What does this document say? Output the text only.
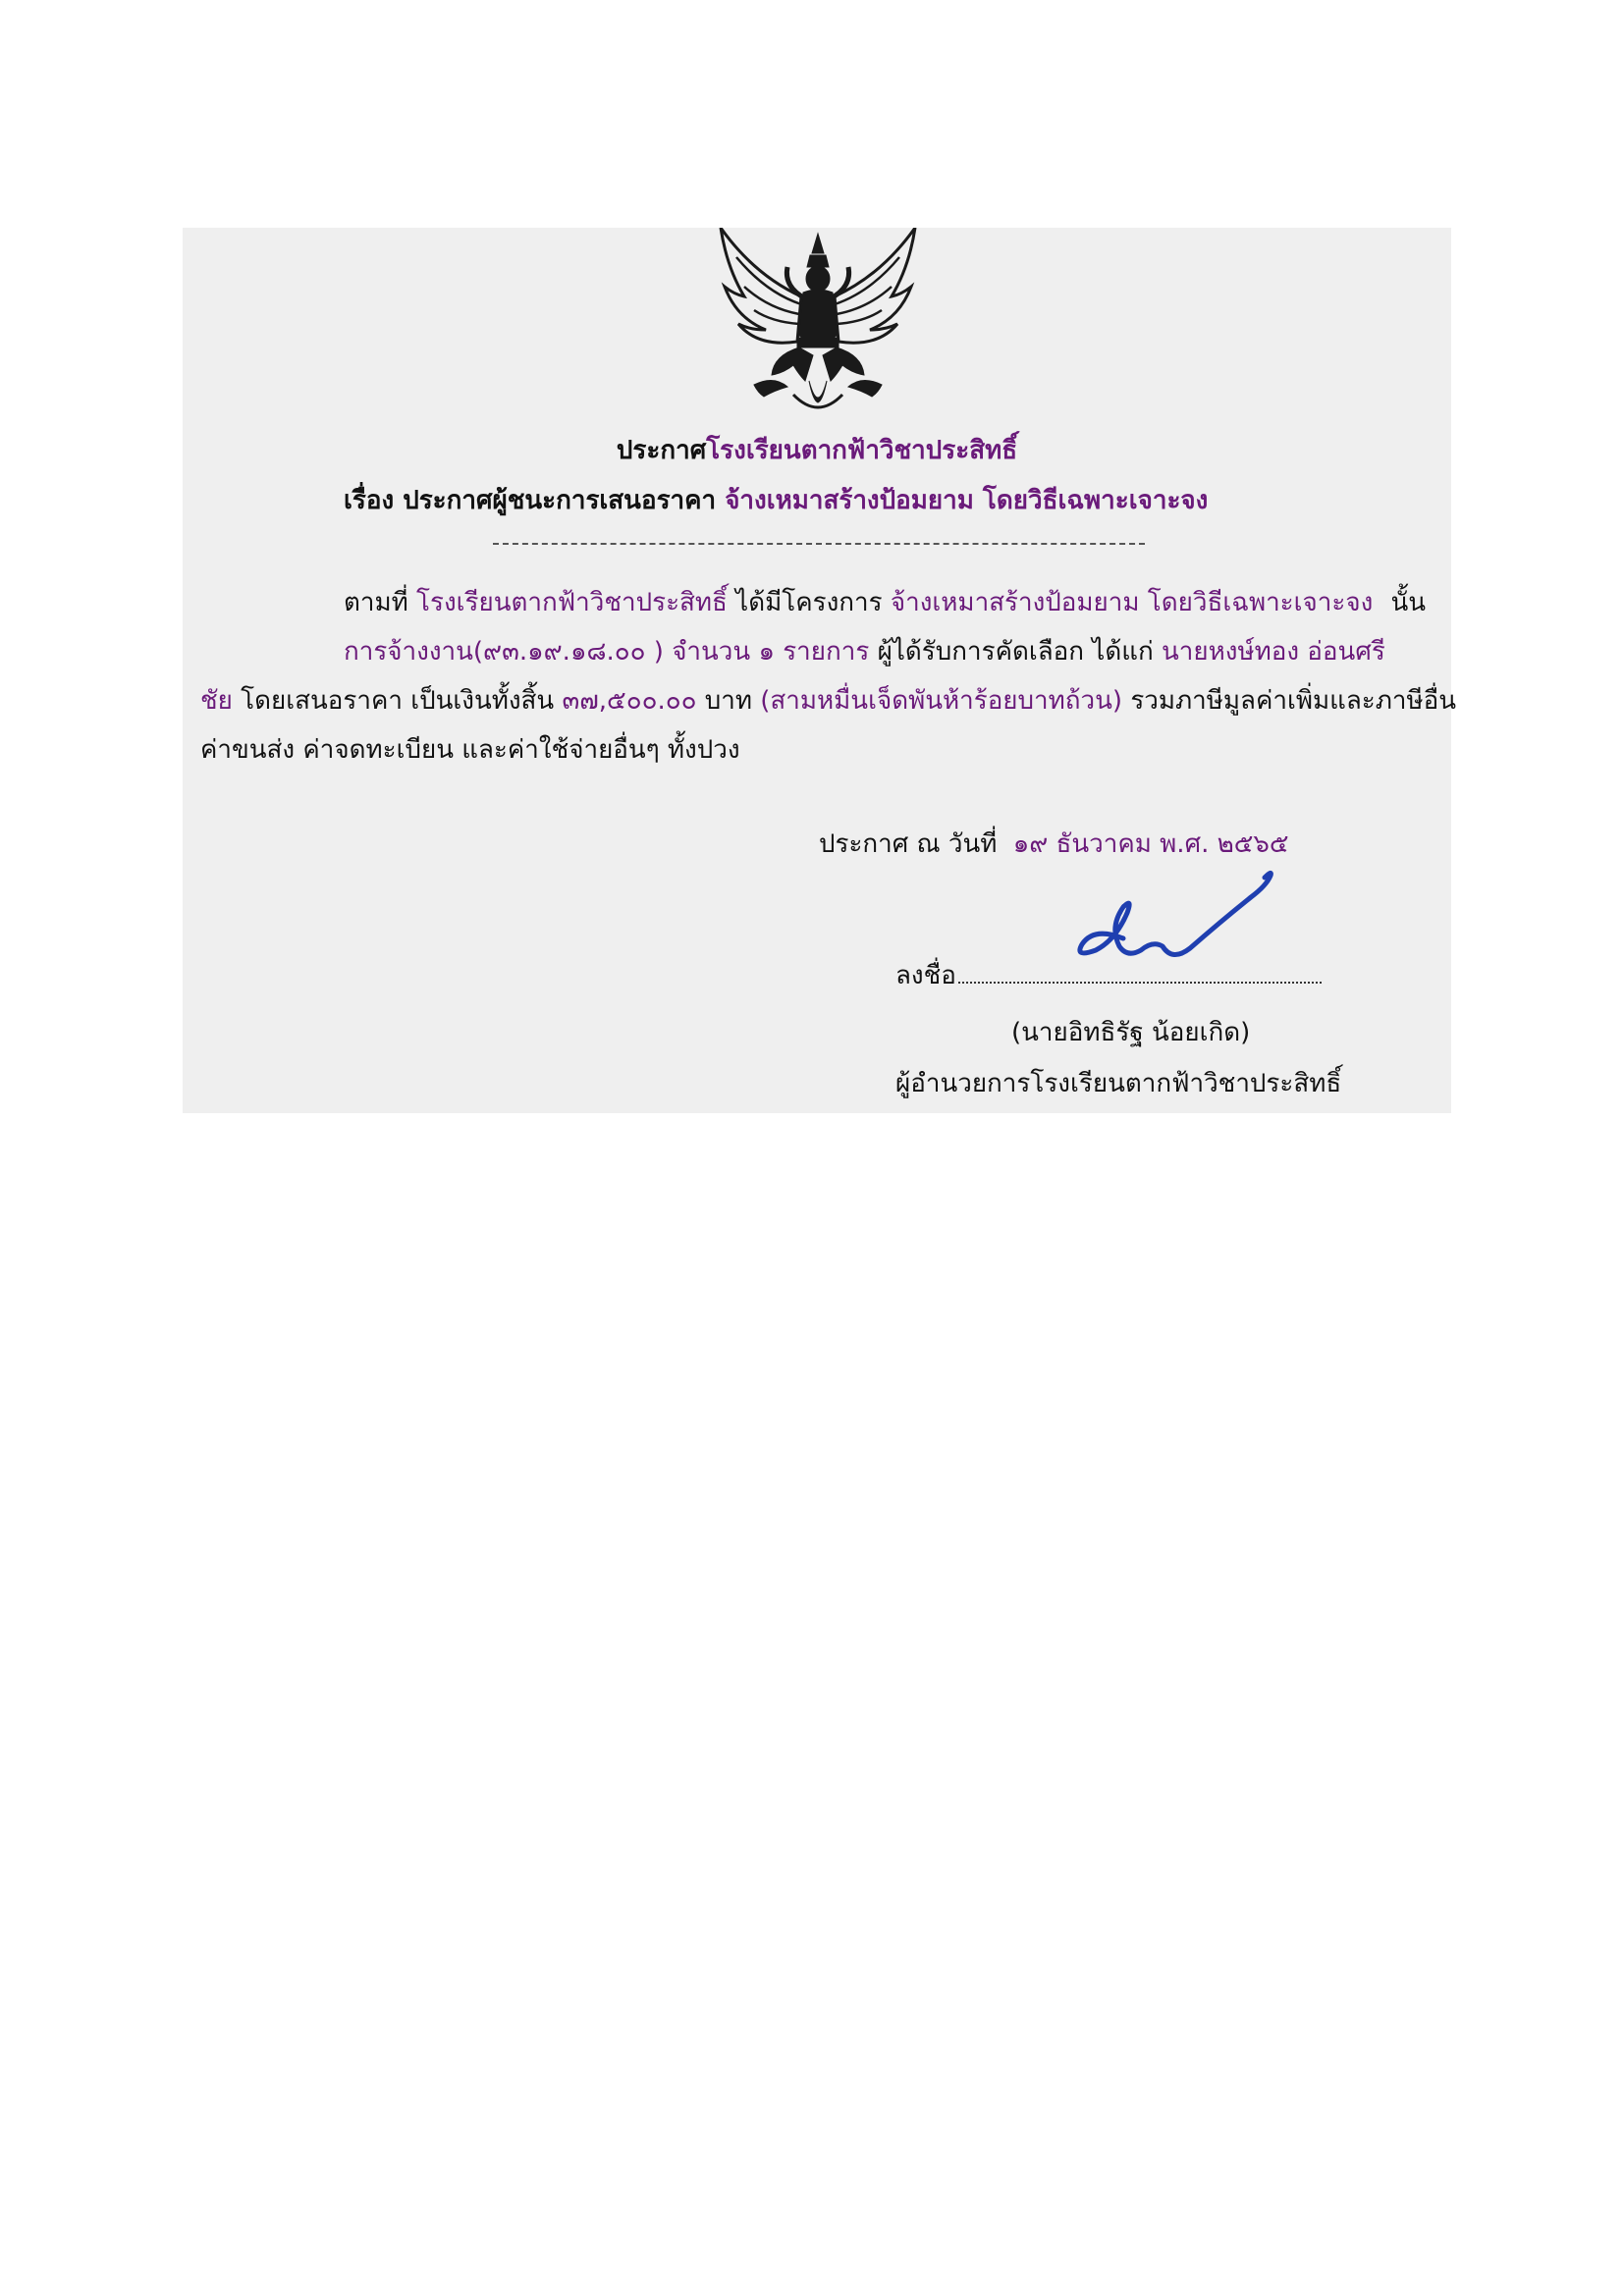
ประกาศโรงเรียนตากฟ้าวิชาประสิทธิ์
เรื่อง ประกาศผู้ชนะการเสนอราคา จ้างเหมาสร้างป้อมยาม โดยวิธีเฉพาะเจาะจง
ตามที่ โรงเรียนตากฟ้าวิชาประสิทธิ์ ได้มีโครงการ จ้างเหมาสร้างป้อมยาม โดยวิธีเฉพาะเจาะจง นั้น
การจ้างงาน(๙๓.๑๙.๑๘.๐๐ ) จำนวน ๑ รายการ ผู้ได้รับการคัดเลือก ได้แก่ นายหงษ์ทอง อ่อนศรี
ชัย โดยเสนอราคา เป็นเงินทั้งสิ้น ๓๗,๕๐๐.๐๐ บาท (สามหมื่นเจ็ดพันห้าร้อยบาทถ้วน) รวมภาษีมูลค่าเพิ่มและภาษีอื่น
ค่าขนส่ง ค่าจดทะเบียน และค่าใช้จ่ายอื่นๆ ทั้งปวง
ประกาศ ณ วันที่ ๑๙ ธันวาคม พ.ศ. ๒๕๖๕
ลงชื่อ
(นายอิทธิรัฐ น้อยเกิด)
ผู้อำนวยการโรงเรียนตากฟ้าวิชาประสิทธิ์
